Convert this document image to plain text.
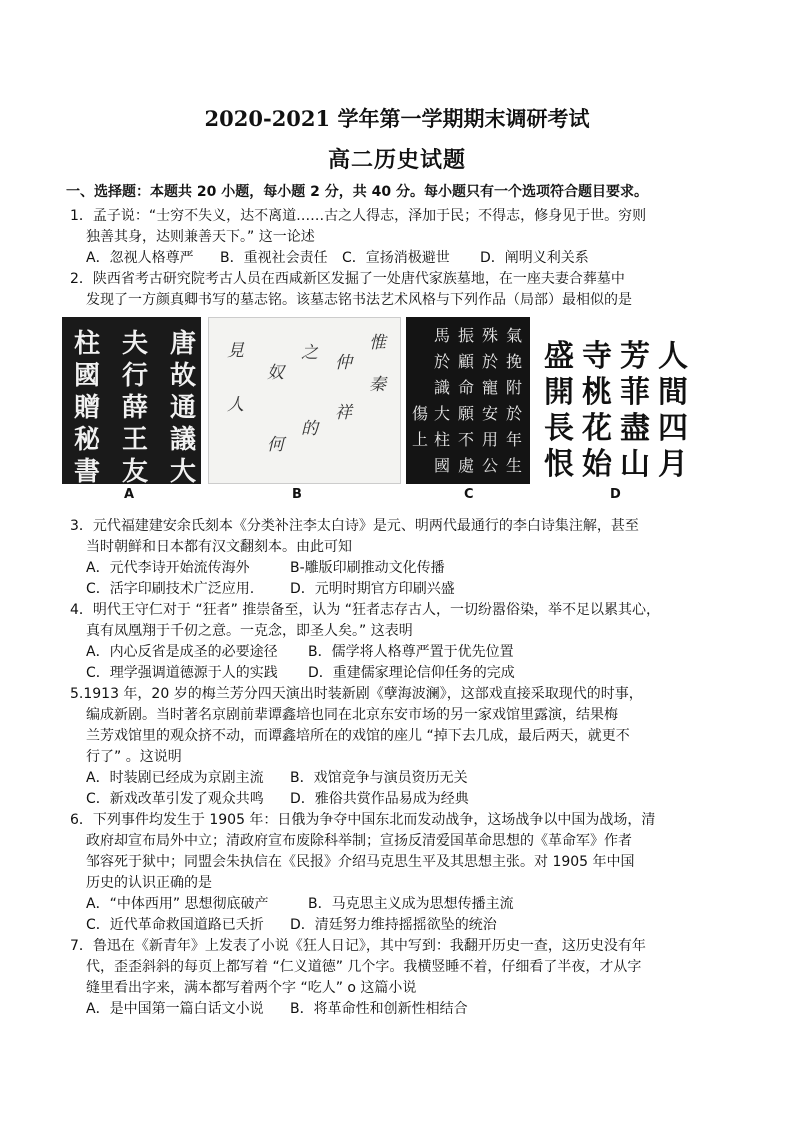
2020-2021 学年第一学期期末调研考试
高二历史试题
一、选择题：本题共 20 小题，每小题 2 分，共 40 分。每小题只有一个选项符合题目要求。
1．孟子说：“士穷不失义，达不离道……古之人得志，泽加于民；不得志，修身见于世。穷则
独善其身，达则兼善天下。” 这一论述
A．忽视人格尊严 B．重视社会责任 C．宣扬消极避世 D．阐明义利关系
2．陕西省考古研究院考古人员在西咸新区发掘了一处唐代家族墓地，在一座夫妻合葬墓中
发现了一方颜真卿书写的墓志铭。该墓志铭书法艺术风格与下列作品（局部）最相似的是
唐
故
通
議
大
夫
行
薛
王
友
柱
國
贈
秘
書
惟
秦
仲
祥
之
的
奴
何
見
人
氣
挽
附
於
年
生
殊
於
寵
安
用
公
振
顧
命
願
不
處
馬
於
識
大
傷
上 柱
國
人
間
四
月
芳
菲
盡
山
寺
桃
花
始
盛
開
長
恨
A	B	C	D
3．元代福建建安余氏刻本《分类补注李太白诗》是元、明两代最通行的李白诗集注解，甚至
当时朝鲜和日本都有汉文翻刻本。由此可知
A．元代李诗开始流传海外	B-雕版印刷推动文化传播
C．活字印刷技术广泛应用.	D．元明时期官方印刷兴盛
4．明代王守仁对于 “狂者” 推崇备至，认为 “狂者志存古人，一切纷嚣俗染，举不足以累其心，
真有凤凰翔于千仞之意。一克念，即圣人矣。” 这表明
A．内心反省是成圣的必要途径 B．儒学将人格尊严置于优先位置
C．理学强调道德源于人的实践 D．重建儒家理论信仰任务的完成
5.1913 年，20 岁的梅兰芳分四天演出时装新剧《孽海波澜》，这部戏直接采取现代的时事，
编成新剧。当时著名京剧前辈谭鑫培也同在北京东安市场的另一家戏馆里露演，结果梅
兰芳戏馆里的观众挤不动，而谭鑫培所在的戏馆的座儿 “掉下去几成，最后两天，就更不
行了” 。这说明
A．时装剧已经成为京剧主流 B．戏馆竞争与演员资历无关
C．新戏改革引发了观众共鸣 D．雅俗共赏作品易成为经典
6．下列事件均发生于 1905 年：日俄为争夺中国东北而发动战争，这场战争以中国为战场，清
政府却宣布局外中立；清政府宣布废除科举制；宣扬反清爱国革命思想的《革命军》作者
邹容死于狱中；同盟会朱执信在《民报》介绍马克思生平及其思想主张。对 1905 年中国
历史的认识正确的是
A．“中体西用” 思想彻底破产	B．马克思主义成为思想传播主流
C．近代革命救国道路已夭折 D．清廷努力维持摇摇欲坠的统治
7．鲁迅在《新青年》上发表了小说《狂人日记》，其中写到：我翻开历史一查，这历史没有年
代，歪歪斜斜的每页上都写着 “仁义道德” 几个字。我横竖睡不着，仔细看了半夜，才从字
缝里看出字来，满本都写着两个字 “吃人” o 这篇小说
A．是中国第一篇白话文小说 B．将革命性和创新性相结合
